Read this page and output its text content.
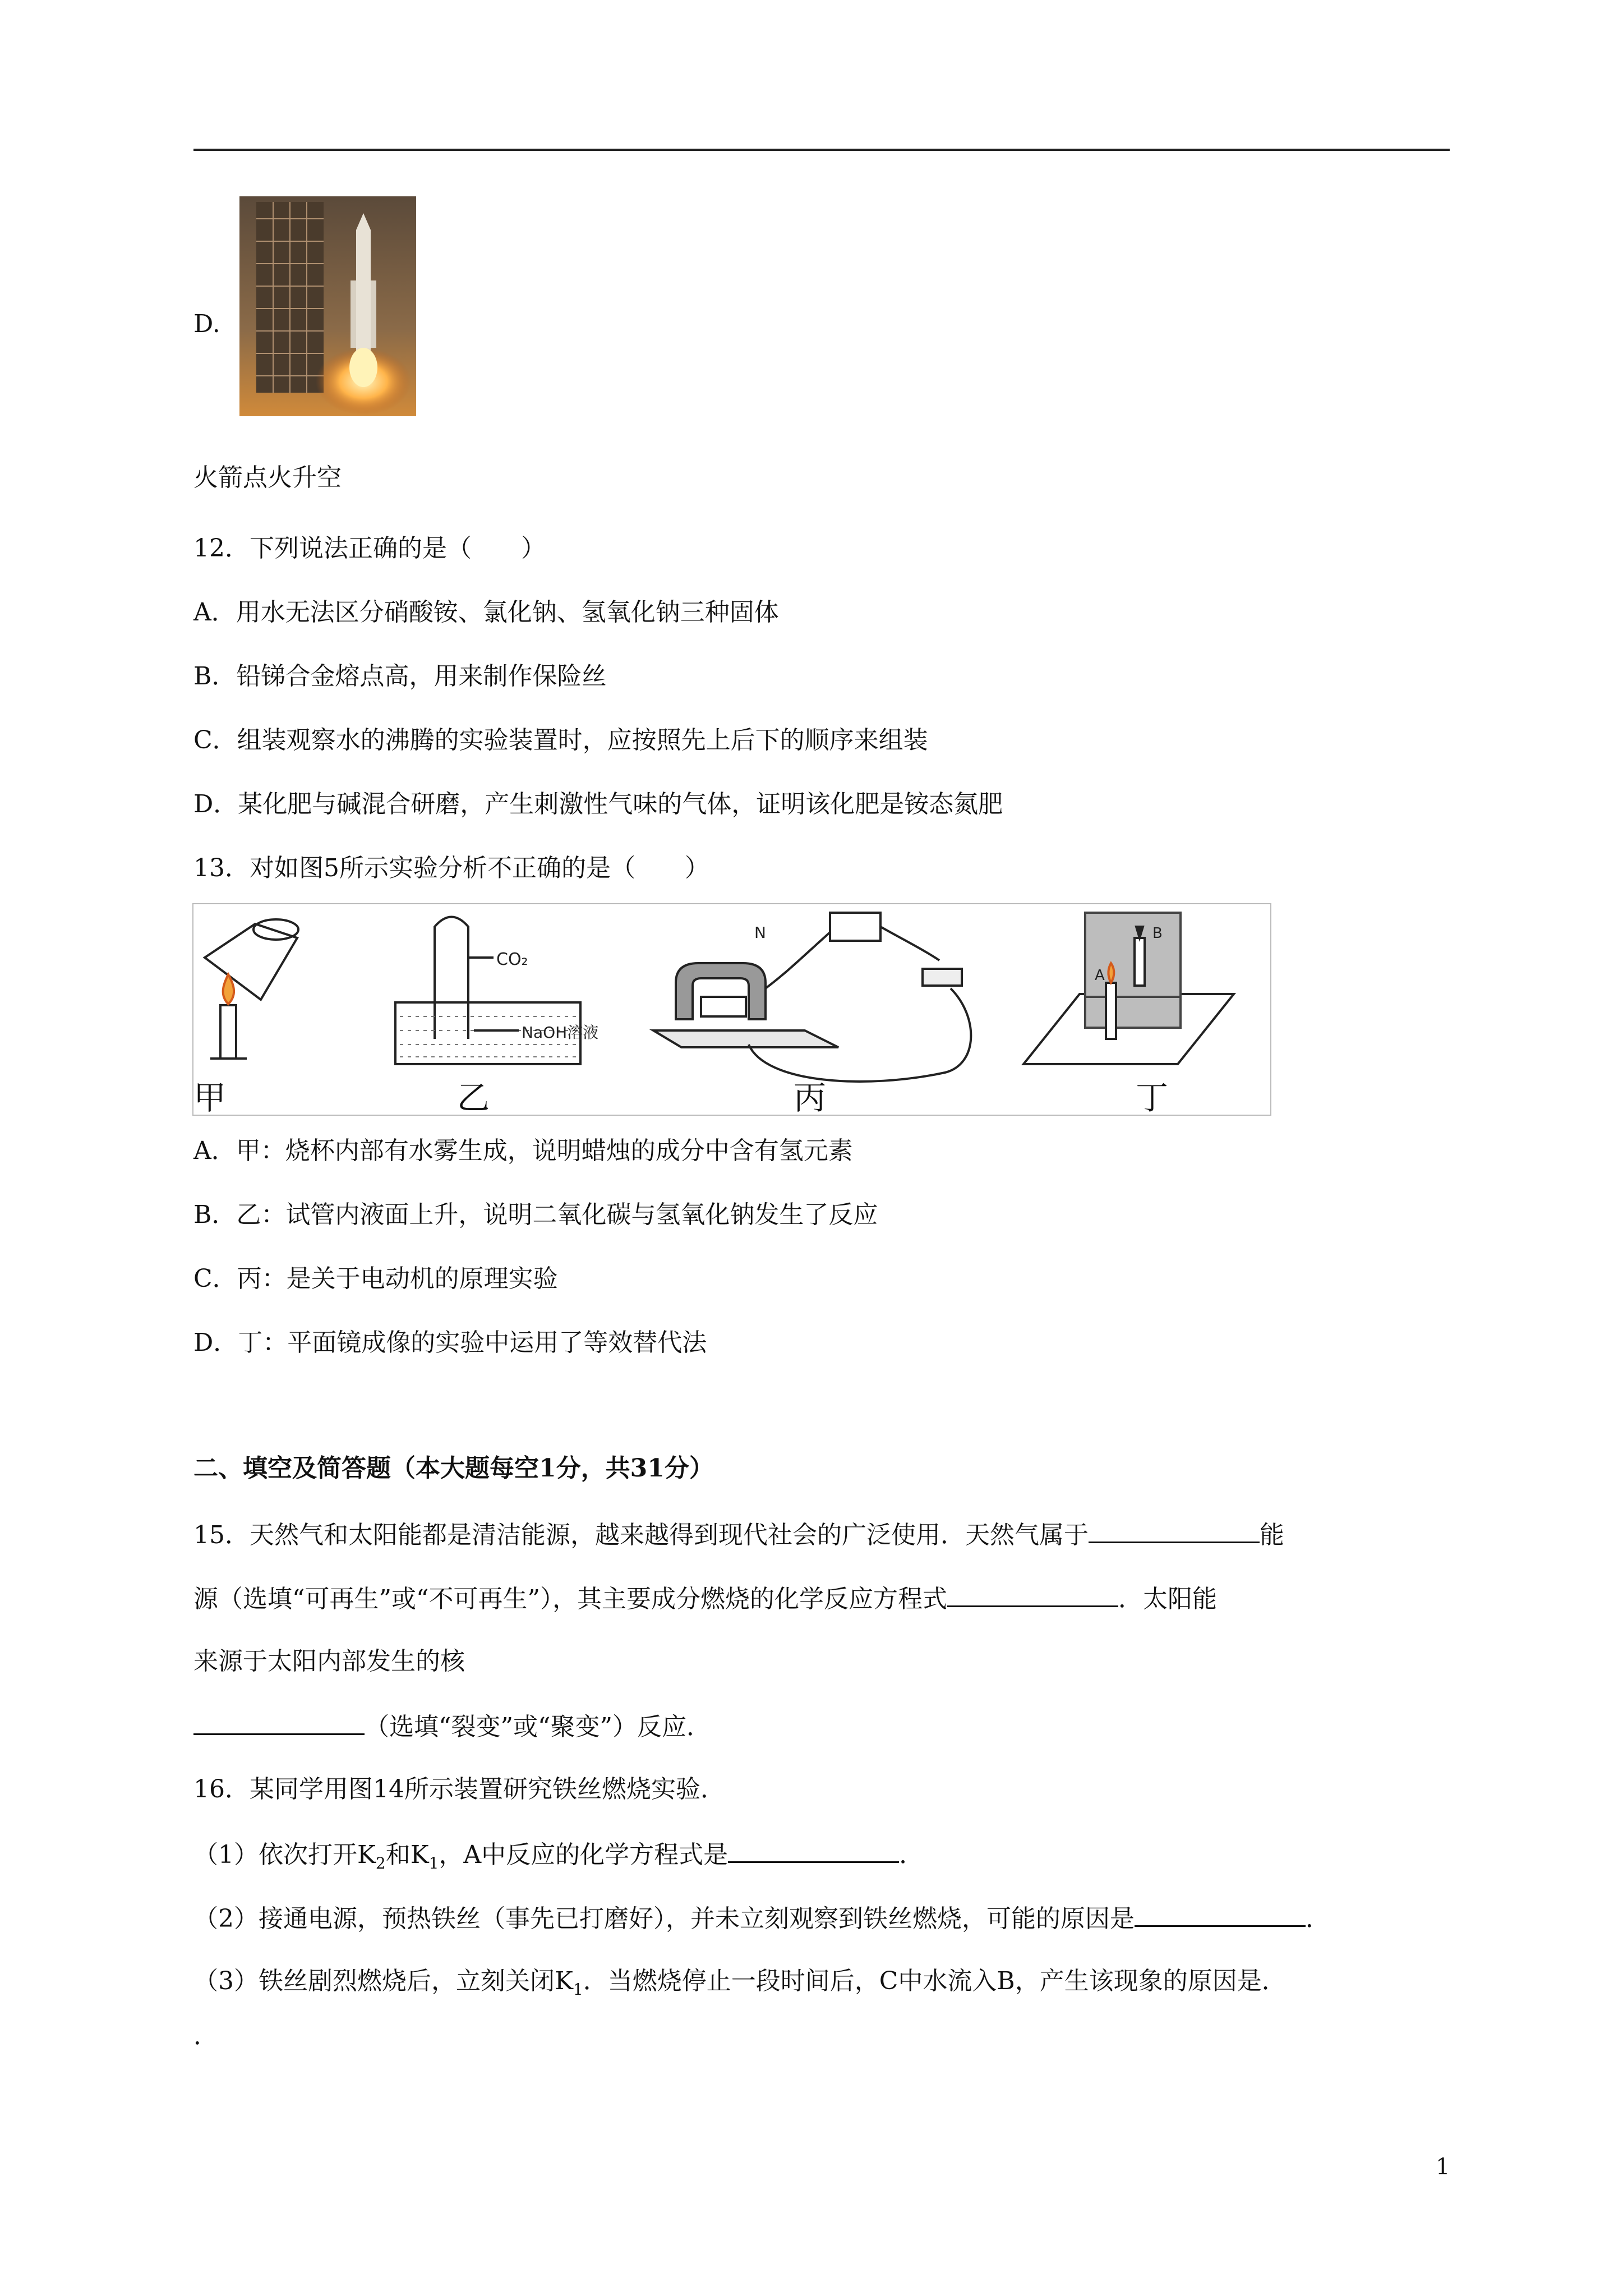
D.
火箭点火升空
12．下列说法正确的是（　　）
A．用水无法区分硝酸铵、氯化钠、氢氧化钠三种固体
B．铅锑合金熔点高，用来制作保险丝
C．组装观察水的沸腾的实验装置时，应按照先上后下的顺序来组装
D．某化肥与碱混合研磨，产生刺激性气味的气体，证明该化肥是铵态氮肥
13．对如图5所示实验分析不正确的是（　　）
CO₂
NaOH溶液
N
A
B
甲	乙	丙	丁
A．甲：烧杯内部有水雾生成，说明蜡烛的成分中含有氢元素
B．乙：试管内液面上升，说明二氧化碳与氢氧化钠发生了反应
C．丙：是关于电动机的原理实验
D．丁：平面镜成像的实验中运用了等效替代法
二、填空及简答题（本大题每空1分，共31分）
15．天然气和太阳能都是清洁能源，越来越得到现代社会的广泛使用．天然气属于	能
源（选填“可再生”或“不可再生”），其主要成分燃烧的化学反应方程式	．太阳能
来源于太阳内部发生的核
（选填“裂变”或“聚变”）反应．
16．某同学用图14所示装置研究铁丝燃烧实验．
（1）依次打开$K_2$和$K_1$，A中反应的化学方程式是	．
（2）接通电源，预热铁丝（事先已打磨好），并未立刻观察到铁丝燃烧，可能的原因是	．
（3）铁丝剧烈燃烧后，立刻关闭$K_1$．当燃烧停止一段时间后，C中水流入B，产生该现象的原因是．
．
1
